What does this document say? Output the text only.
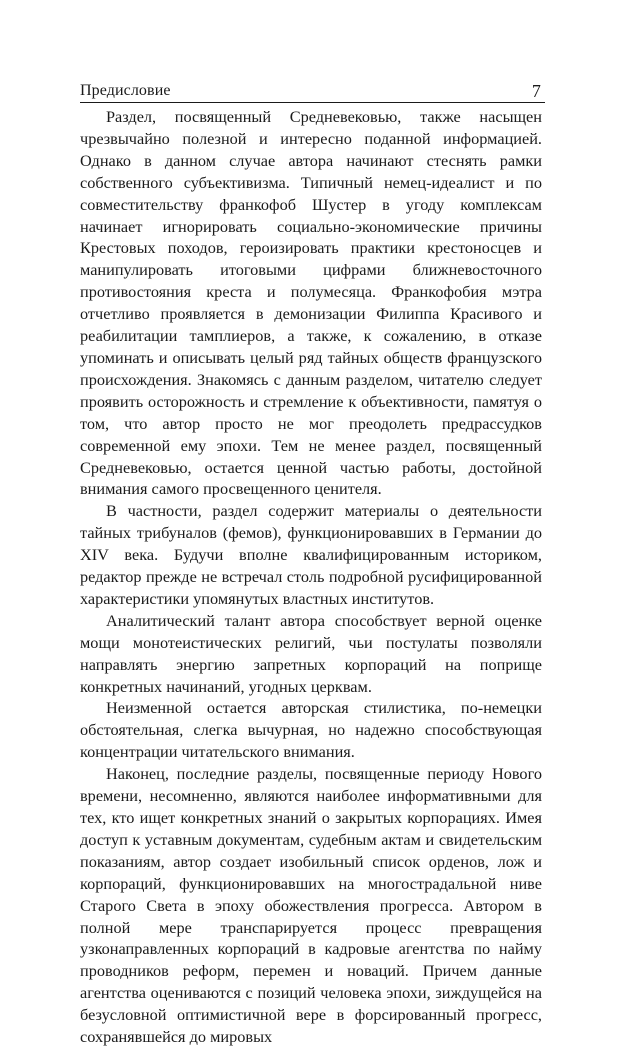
Предисловие	7

Раздел, посвященный Средневековью, также насыщен чрезвычайно полезной и интересно поданной информацией. Однако в данном случае автора начинают стеснять рамки собственного субъективизма. Типичный немец-идеалист и по совместительству франкофоб Шустер в угоду комплексам начинает игнорировать социально-экономические причины Крестовых походов, героизировать практики крестоносцев и манипулировать итоговыми цифрами ближневосточного противостояния креста и полумесяца. Франкофобия мэтра отчетливо проявляется в демонизации Филиппа Красивого и реабилитации тамплиеров, а также, к сожалению, в отказе упоминать и описывать целый ряд тайных обществ французского происхождения. Знакомясь с данным разделом, читателю следует проявить осторожность и стремление к объективности, памятуя о том, что автор просто не мог преодолеть предрассудков современной ему эпохи. Тем не менее раздел, посвященный Средневековью, остается ценной частью работы, достойной внимания самого просвещенного ценителя.

В частности, раздел содержит материалы о деятельности тайных трибуналов (фемов), функционировавших в Германии до XIV века. Будучи вполне квалифицированным историком, редактор прежде не встречал столь подробной русифицированной характеристики упомянутых властных институтов.

Аналитический талант автора способствует верной оценке мощи монотеистических религий, чьи постулаты позволяли направлять энергию запретных корпораций на поприще конкретных начинаний, угодных церквам.

Неизменной остается авторская стилистика, по-немецки обстоятельная, слегка вычурная, но надежно способствующая концентрации читательского внимания.

Наконец, последние разделы, посвященные периоду Нового времени, несомненно, являются наиболее информативными для тех, кто ищет конкретных знаний о закрытых корпорациях. Имея доступ к уставным документам, судебным актам и свидетельским показаниям, автор создает изобильный список орденов, лож и корпораций, функционировавших на многострадальной ниве Старого Света в эпоху обожествления прогресса. Автором в полной мере транспарируется процесс превращения узконаправленных корпораций в кадровые агентства по найму проводников реформ, перемен и новаций. Причем данные агентства оцениваются с позиций человека эпохи, зиждущейся на безусловной оптимистичной вере в форсированный прогресс, сохранявшейся до мировых
